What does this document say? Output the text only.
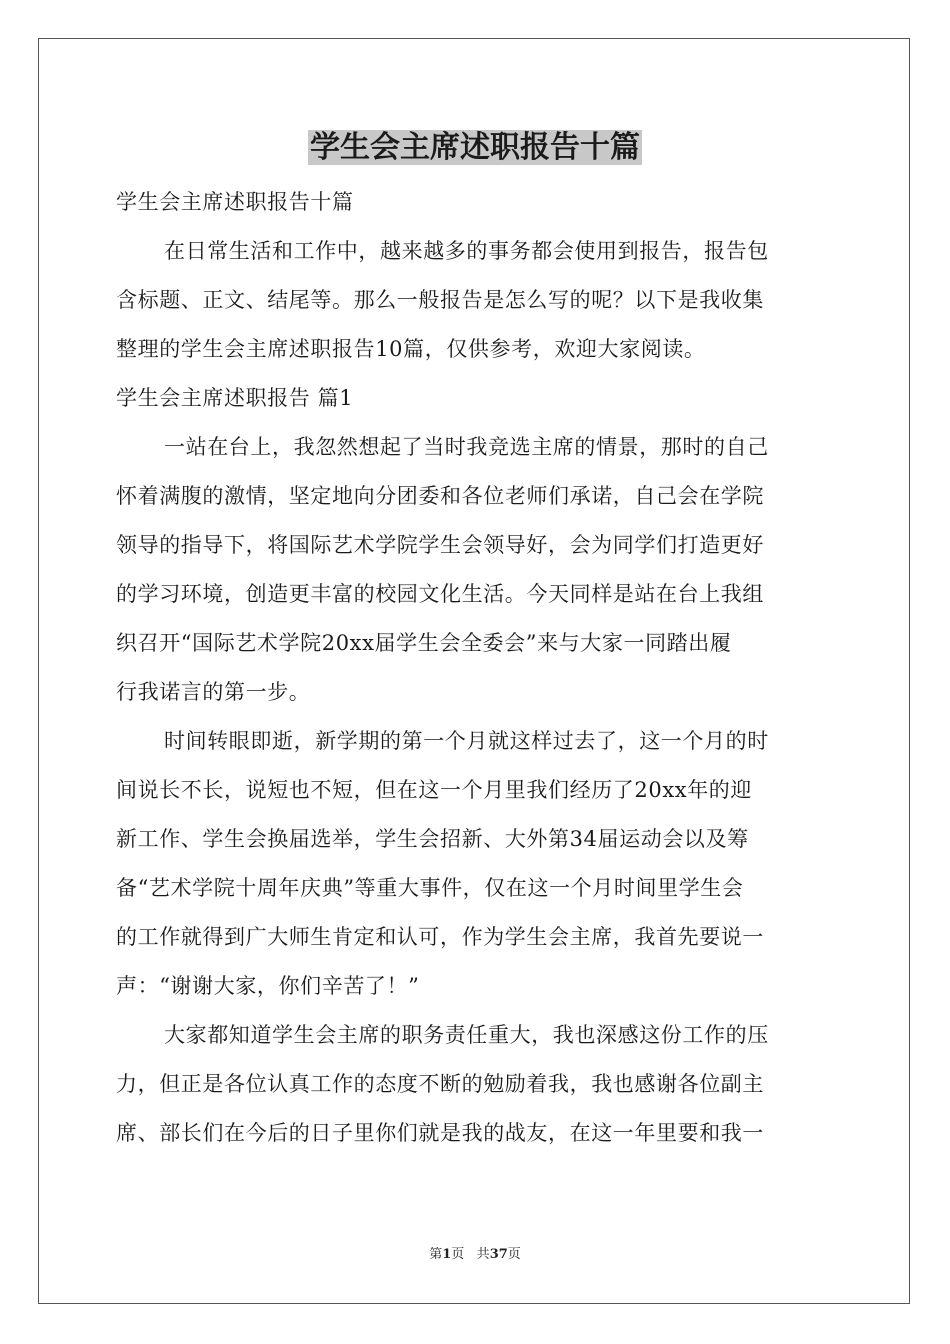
学生会主席述职报告十篇
学生会主席述职报告十篇
在日常生活和工作中，越来越多的事务都会使用到报告，报告包
含标题、正文、结尾等。那么一般报告是怎么写的呢？以下是我收集
整理的学生会主席述职报告10篇，仅供参考，欢迎大家阅读。
学生会主席述职报告 篇1
一站在台上，我忽然想起了当时我竞选主席的情景，那时的自己
怀着满腹的激情，坚定地向分团委和各位老师们承诺，自己会在学院
领导的指导下，将国际艺术学院学生会领导好，会为同学们打造更好
的学习环境，创造更丰富的校园文化生活。今天同样是站在台上我组
织召开“国际艺术学院20xx届学生会全委会”来与大家一同踏出履
行我诺言的第一步。
时间转眼即逝，新学期的第一个月就这样过去了，这一个月的时
间说长不长，说短也不短，但在这一个月里我们经历了20xx年的迎
新工作、学生会换届选举，学生会招新、大外第34届运动会以及筹
备“艺术学院十周年庆典”等重大事件，仅在这一个月时间里学生会
的工作就得到广大师生肯定和认可，作为学生会主席，我首先要说一
声：“谢谢大家，你们辛苦了！”
大家都知道学生会主席的职务责任重大，我也深感这份工作的压
力，但正是各位认真工作的态度不断的勉励着我，我也感谢各位副主
席、部长们在今后的日子里你们就是我的战友，在这一年里要和我一
第1页 共37页
